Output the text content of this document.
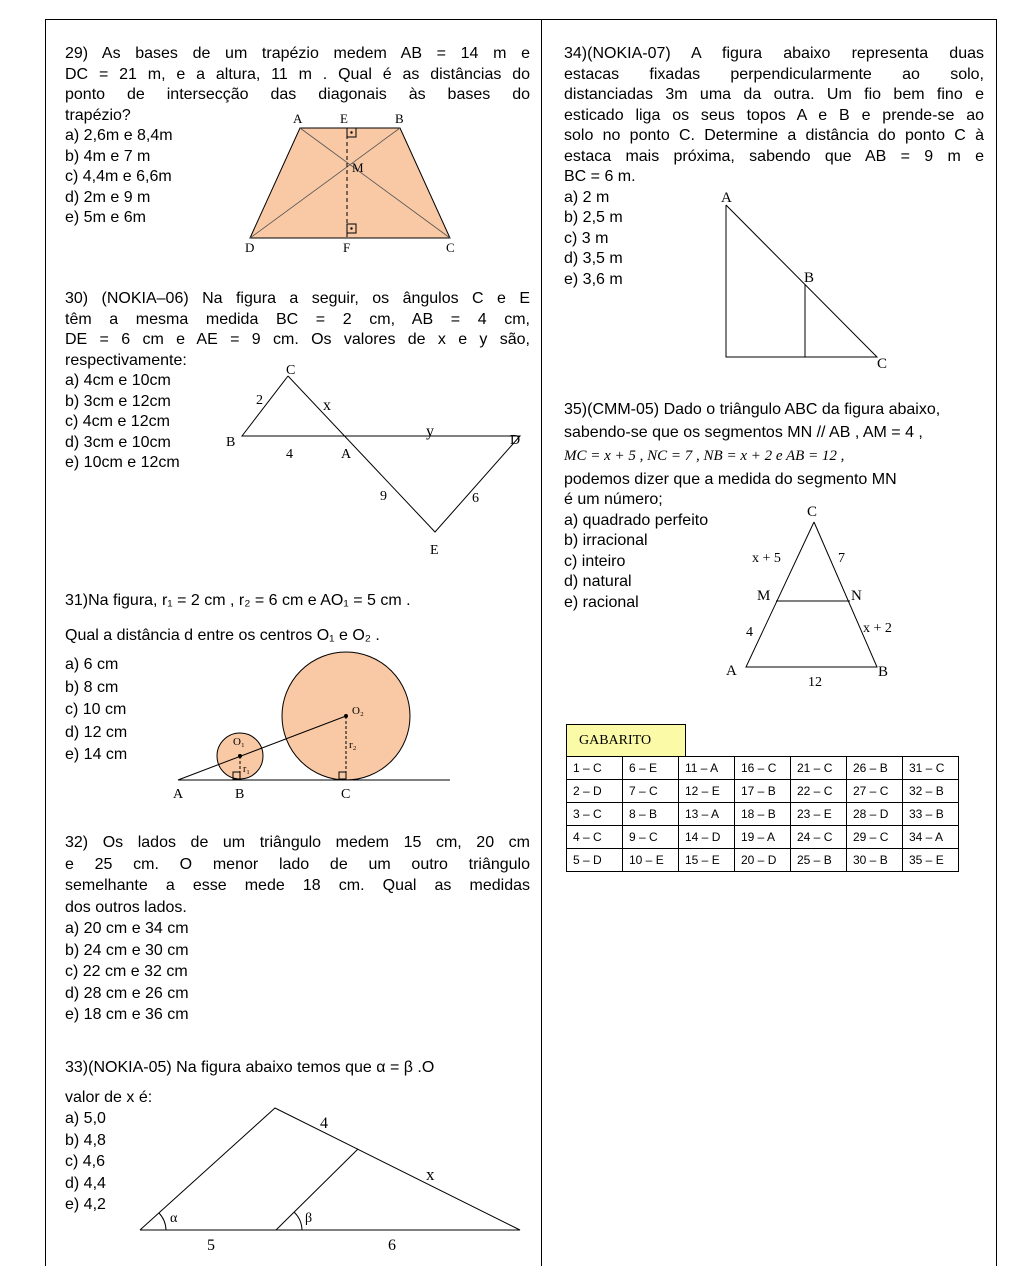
29) As bases de um trapézio medem AB = 14 m e
DC = 21 m, e a altura, 11 m . Qual é as distâncias do
ponto de intersecção das diagonais às bases do
trapézio?
a) 2,6m e 8,4m
b) 4m e 7 m
c) 4,4m e 6,6m
d) 2m e 9 m
e) 5m e 6m
A	E	B
M
D	F	C
30) (NOKIA–06) Na figura a seguir, os ângulos C e E
têm a mesma medida BC = 2 cm, AB = 4 cm,
DE = 6 cm e AE = 9 cm. Os valores de x e y são,
respectivamente:
a) 4cm e 10cm
b) 3cm e 12cm
c) 4cm e 12cm
d) 3cm e 10cm
e) 10cm e 12cm
C
2	x
B
y
D
4	A
9	6
E
31)Na figura, r₁ = 2 cm , r₂ = 6 cm e AO₁ = 5 cm .
Qual a distância d entre os centros O₁ e O₂ .
a) 6 cm
b) 8 cm
c) 10 cm
d) 12 cm
e) 14 cm
O₁
O₂
r₁
r₂
A	B	C
32) Os lados de um triângulo medem 15 cm, 20 cm
e 25 cm. O menor lado de um outro triângulo
semelhante a esse mede 18 cm. Qual as medidas
dos outros lados.
a) 20 cm e 34 cm
b) 24 cm e 30 cm
c) 22 cm e 32 cm
d) 28 cm e 26 cm
e) 18 cm e 36 cm
33)(NOKIA-05) Na figura abaixo temos que α = β .O
valor de x é:
a) 5,0
b) 4,8
c) 4,6
d) 4,4
e) 4,2
4
x
α	β
5	6
34)(NOKIA-07) A figura abaixo representa duas
estacas fixadas perpendicularmente ao solo,
distanciadas 3m uma da outra. Um fio bem fino e
esticado liga os seus topos A e B e prende-se ao
solo no ponto C. Determine a distância do ponto C à
estaca mais próxima, sabendo que AB = 9 m e
BC = 6 m.
a) 2 m
b) 2,5 m
c) 3 m
d) 3,5 m
e) 3,6 m
A
B
C
35)(CMM-05) Dado o triângulo ABC da figura abaixo,
sabendo-se que os segmentos MN // AB , AM = 4 ,
MC = x + 5 , NC = 7 , NB = x + 2 e AB = 12 ,
podemos dizer que a medida do segmento MN
é um número;
a) quadrado perfeito
b) irracional
c) inteiro
d) natural
e) racional
C
x + 5	7
M	N
4	x + 2
A
12
B
GABARITO
1 – C	6 – E	11 – A	16 – C	21 – C	26 – B	31 – C
2 – D	7 – C	12 – E	17 – B	22 – C	27 – C	32 – B
3 – C	8 – B	13 – A	18 – B	23 – E	28 – D	33 – B
4 – C	9 – C	14 – D	19 – A	24 – C	29 – C	34 – A
5 – D	10 – E	15 – E	20 – D	25 – B	30 – B	35 – E
